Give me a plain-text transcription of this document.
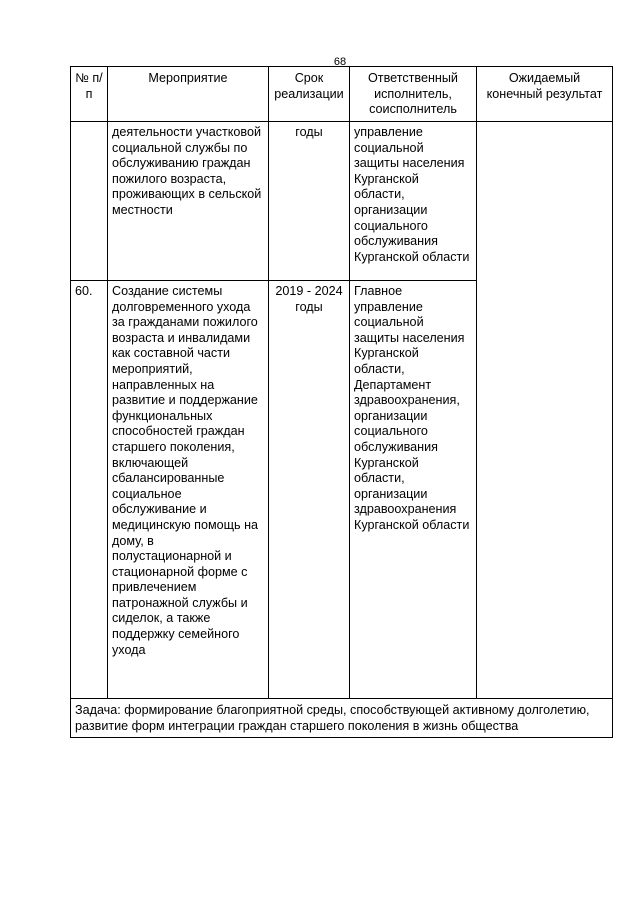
68
№ п/п	Мероприятие	Срок реализации	Ответственный исполнитель, соисполнитель	Ожидаемый конечный результат
	деятельности участковой социальной службы по обслуживанию граждан пожилого возраста, проживающих в сельской местности	годы	управление социальной защиты населения Курганской области, организации социального обслуживания Курганской области	
60.	Создание системы долговременного ухода за гражданами пожилого возраста и инвалидами как составной части мероприятий, направленных на развитие и поддержание функциональных способностей граждан старшего поколения, включающей сбалансированные социальное обслуживание и медицинскую помощь на дому, в полустационарной и стационарной форме с привлечением патронажной службы и сиделок, а также поддержку семейного ухода	2019 - 2024 годы	Главное управление социальной защиты населения Курганской области, Департамент здравоохранения, организации социального обслуживания Курганской области, организации здравоохранения Курганской области	
Задача: формирование благоприятной среды, способствующей активному долголетию, развитие форм интеграции граждан старшего поколения в жизнь общества				
